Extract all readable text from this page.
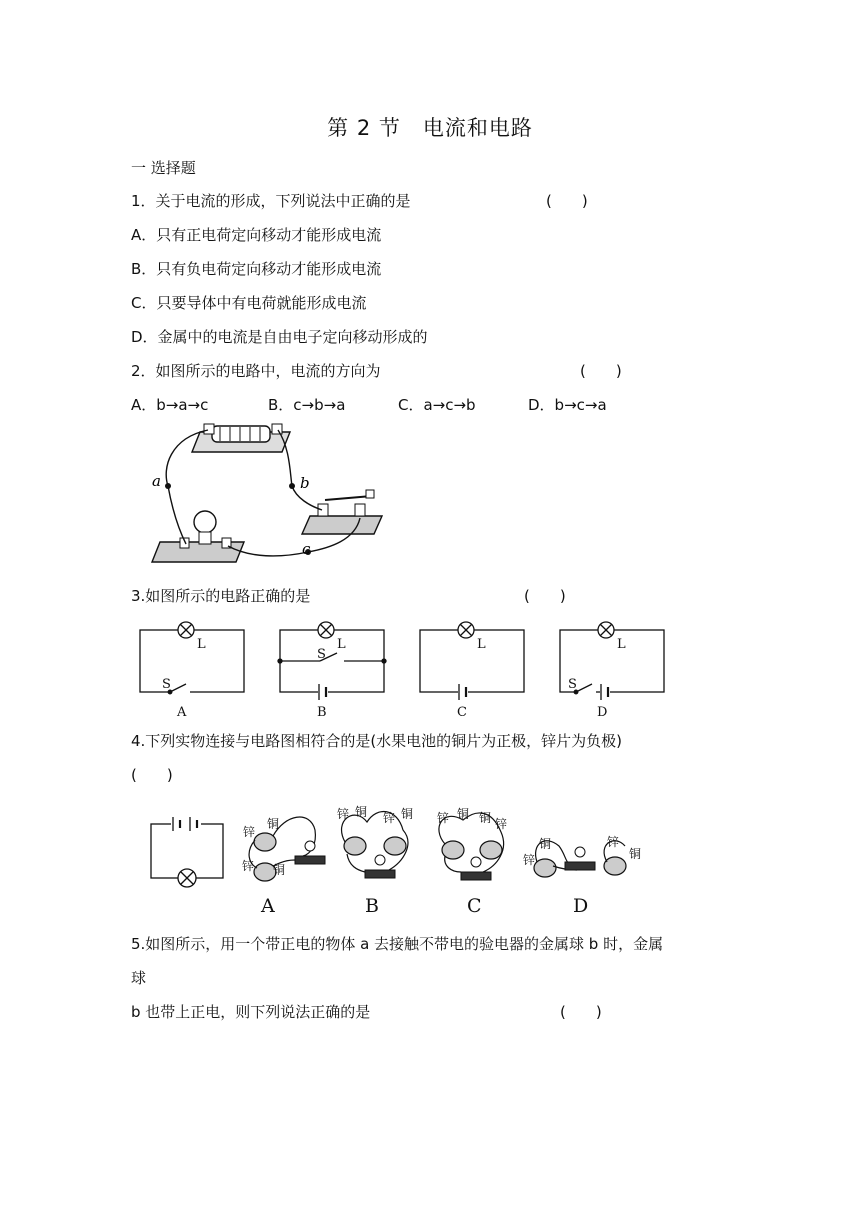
第 2 节　电流和电路
一 选择题
1．关于电流的形成，下列说法中正确的是	(　　)
A．只有正电荷定向移动才能形成电流
B．只有负电荷定向移动才能形成电流
C．只要导体中有电荷就能形成电流
D．金属中的电流是自由电子定向移动形成的
2．如图所示的电路中，电流的方向为	(　　)
A．b→a→c	B．c→b→a	C．a→c→b	D．b→c→a
a	b
c
3.如图所示的电路正确的是	(　　)
L
S
L
S
L	L
S
A	B	C	D
4.下列实物连接与电路图相符合的是(水果电池的铜片为正极，锌片为负极)
(　　)
锌
铜
锌 铜
锌 铜 锌 铜 锌 铜 铜 锌
锌
铜	锌
铜
A	B	C	D
5.如图所示，用一个带正电的物体 a 去接触不带电的验电器的金属球 b 时，金属
球
b 也带上正电，则下列说法正确的是	(　　)
